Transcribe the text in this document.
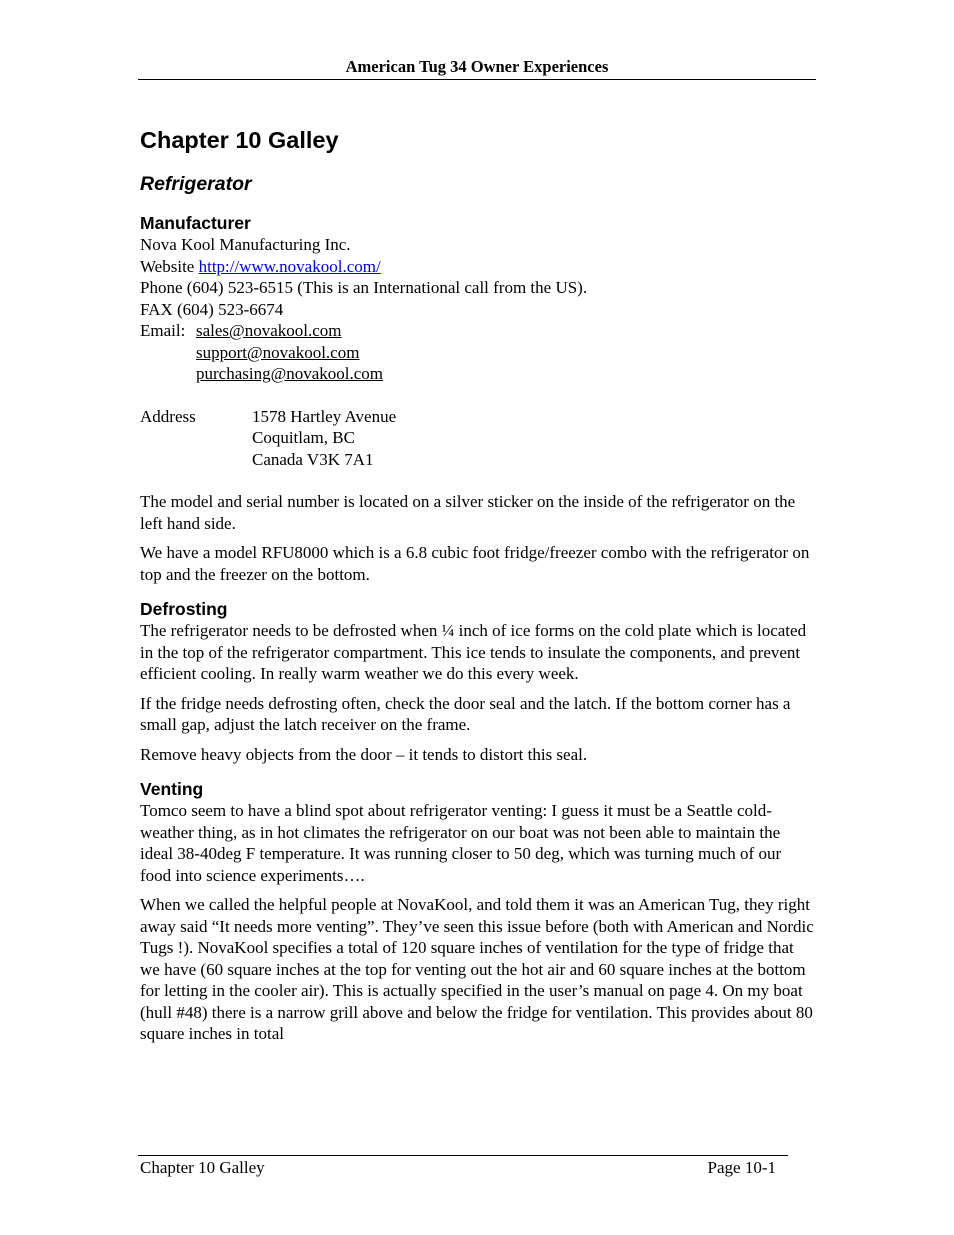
American Tug 34 Owner Experiences
Chapter 10 Galley
Refrigerator
Manufacturer
Nova Kool Manufacturing Inc.
Website http://www.novakool.com/
Phone (604) 523-6515 (This is an International call from the US).
FAX (604) 523-6674
Email: sales@novakool.com
support@novakool.com
purchasing@novakool.com
Address	1578 Hartley Avenue
Coquitlam, BC
Canada V3K 7A1

The model and serial number is located on a silver sticker on the inside of the refrigerator on the left hand side.

We have a model RFU8000 which is a 6.8 cubic foot fridge/freezer combo with the refrigerator on top and the freezer on the bottom.

Defrosting

The refrigerator needs to be defrosted when ¼ inch of ice forms on the cold plate which is located in the top of the refrigerator compartment. This ice tends to insulate the components, and prevent efficient cooling. In really warm weather we do this every week.

If the fridge needs defrosting often, check the door seal and the latch. If the bottom corner has a small gap, adjust the latch receiver on the frame.

Remove heavy objects from the door – it tends to distort this seal.

Venting

Tomco seem to have a blind spot about refrigerator venting: I guess it must be a Seattle cold-weather thing, as in hot climates the refrigerator on our boat was not been able to maintain the ideal 38-40deg F temperature. It was running closer to 50 deg, which was turning much of our food into science experiments….

When we called the helpful people at NovaKool, and told them it was an American Tug, they right away said “It needs more venting”. They’ve seen this issue before (both with American and Nordic Tugs !). NovaKool specifies a total of 120 square inches of ventilation for the type of fridge that we have (60 square inches at the top for venting out the hot air and 60 square inches at the bottom for letting in the cooler air). This is actually specified in the user’s manual on page 4. On my boat (hull #48) there is a narrow grill above and below the fridge for ventilation. This provides about 80 square inches in total

Chapter 10 Galley	Page 10-1
